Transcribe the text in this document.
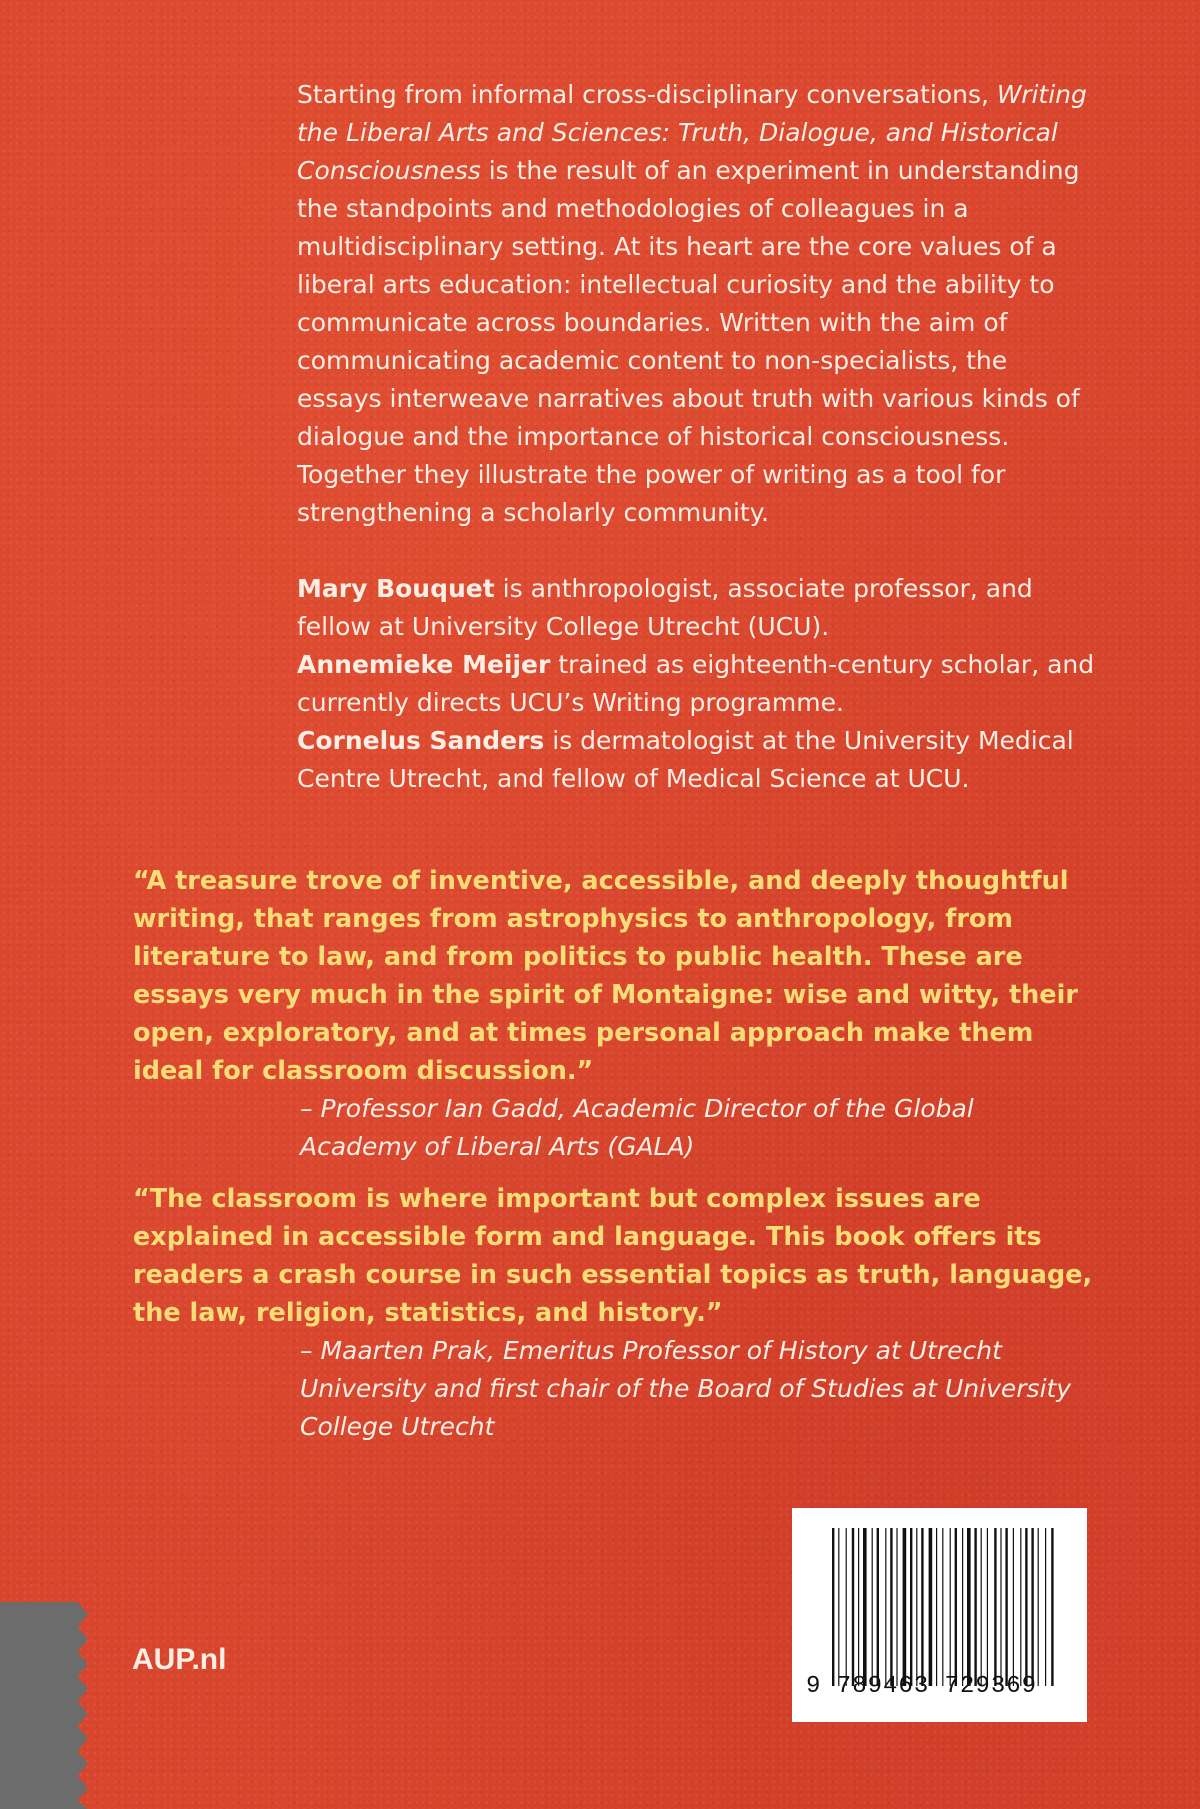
Starting from informal cross-disciplinary conversations, Writing the Liberal Arts and Sciences: Truth, Dialogue, and Historical Consciousness is the result of an experiment in understanding the standpoints and methodologies of colleagues in a multidisciplinary setting. At its heart are the core values of a liberal arts education: intellectual curiosity and the ability to communicate across boundaries. Written with the aim of communicating academic content to non-specialists, the essays interweave narratives about truth with various kinds of dialogue and the importance of historical consciousness. Together they illustrate the power of writing as a tool for strengthening a scholarly community.

Mary Bouquet is anthropologist, associate professor, and fellow at University College Utrecht (UCU).

Annemieke Meijer trained as eighteenth-century scholar, and currently directs UCU’s Writing programme.

Cornelus Sanders is dermatologist at the University Medical Centre Utrecht, and fellow of Medical Science at UCU.

“A treasure trove of inventive, accessible, and deeply thoughtful writing, that ranges from astrophysics to anthropology, from literature to law, and from politics to public health. These are essays very much in the spirit of Montaigne: wise and witty, their open, exploratory, and at times personal approach make them ideal for classroom discussion.”

– Professor Ian Gadd, Academic Director of the Global Academy of Liberal Arts (GALA)

“The classroom is where important but complex issues are explained in accessible form and language. This book offers its readers a crash course in such essential topics as truth, language, the law, religion, statistics, and history.”

– Maarten Prak, Emeritus Professor of History at Utrecht University and first chair of the Board of Studies at University College Utrecht

AUP.nl
9 789463 729369
